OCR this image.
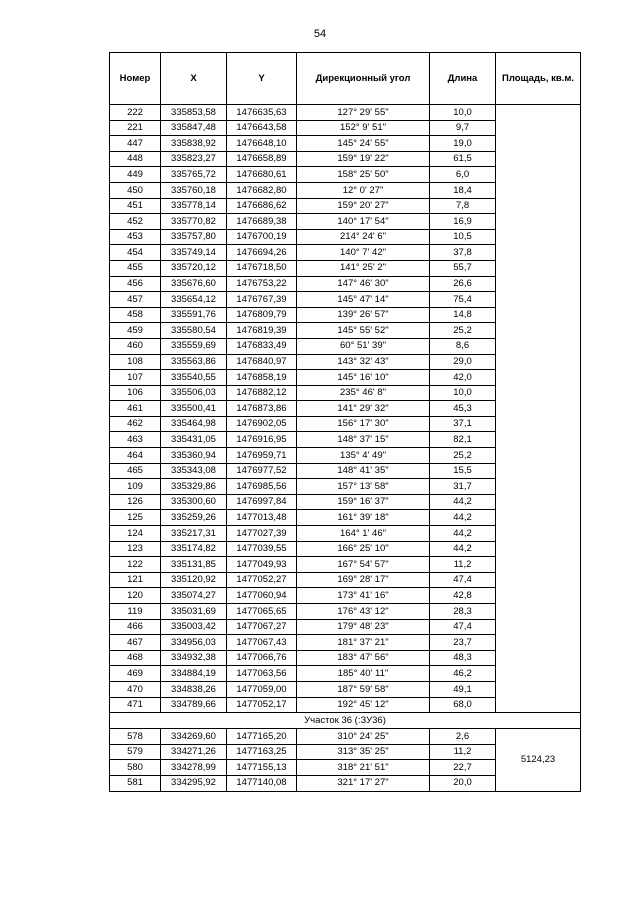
54
Номер	X	Y	Дирекционный угол	Длина	Площадь, кв.м.
222	335853,58	1476635,63	127° 29' 55"	10,0	
221	335847,48	1476643,58	152° 9' 51"	9,7	
447	335838,92	1476648,10	145° 24' 55"	19,0	
448	335823,27	1476658,89	159° 19' 22"	61,5	
449	335765,72	1476680,61	158° 25' 50"	6,0	
450	335760,18	1476682,80	12° 0' 27"	18,4	
451	335778,14	1476686,62	159° 20' 27"	7,8	
452	335770,82	1476689,38	140° 17' 54"	16,9	
453	335757,80	1476700,19	214° 24' 6"	10,5	
454	335749,14	1476694,26	140° 7' 42"	37,8	
455	335720,12	1476718,50	141° 25' 2"	55,7	
456	335676,60	1476753,22	147° 46' 30"	26,6	
457	335654,12	1476767,39	145° 47' 14"	75,4	
458	335591,76	1476809,79	139° 26' 57"	14,8	
459	335580,54	1476819,39	145° 55' 52"	25,2	
460	335559,69	1476833,49	60° 51' 39"	8,6	
108	335563,86	1476840,97	143° 32' 43"	29,0	
107	335540,55	1476858,19	145° 16' 10"	42,0	
106	335506,03	1476882,12	235° 46' 8"	10,0	
461	335500,41	1476873,86	141° 29' 32"	45,3	
462	335464,98	1476902,05	156° 17' 30"	37,1	
463	335431,05	1476916,95	148° 37' 15"	82,1	
464	335360,94	1476959,71	135° 4' 49"	25,2	
465	335343,08	1476977,52	148° 41' 35"	15,5	
109	335329,86	1476985,56	157° 13' 58"	31,7	
126	335300,60	1476997,84	159° 16' 37"	44,2	
125	335259,26	1477013,48	161° 39' 18"	44,2	
124	335217,31	1477027,39	164° 1' 46"	44,2	
123	335174,82	1477039,55	166° 25' 10"	44,2	
122	335131,85	1477049,93	167° 54' 57"	11,2	
121	335120,92	1477052,27	169° 28' 17"	47,4	
120	335074,27	1477060,94	173° 41' 16"	42,8	
119	335031,69	1477065,65	176° 43' 12"	28,3	
466	335003,42	1477067,27	179° 48' 23"	47,4	
467	334956,03	1477067,43	181° 37' 21"	23,7	
468	334932,38	1477066,76	183° 47' 56"	48,3	
469	334884,19	1477063,56	185° 40' 11"	46,2	
470	334838,26	1477059,00	187° 59' 58"	49,1	
471	334789,66	1477052,17	192° 45' 12"	68,0	
Участок 36 (:ЗУ36)					
578	334269,60	1477165,20	310° 24' 25"	2,6	5124,23
579	334271,26	1477163,25	313° 35' 25"	11,2	
580	334278,99	1477155,13	318° 21' 51"	22,7	
581	334295,92	1477140,08	321° 17' 27"	20,0	
